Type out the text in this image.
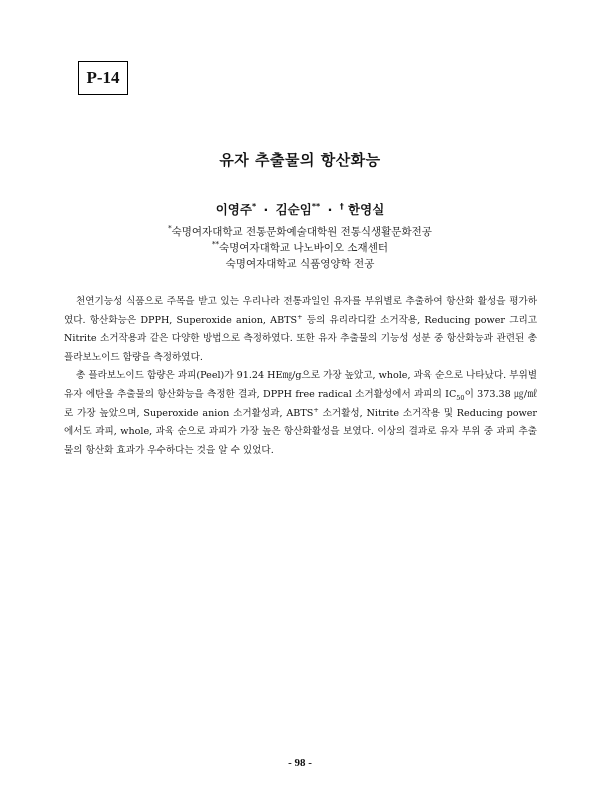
P-14
유자 추출물의 항산화능
이영주* · 김순임** · † 한영실
*숙명여자대학교 전통문화예술대학원 전통식생활문화전공
**숙명여자대학교 나노바이오 소재센터
숙명여자대학교 식품영양학 전공

천연기능성 식품으로 주목을 받고 있는 우리나라 전통과일인 유자를 부위별로 추출하여 항산화 활성을 평가하였다. 항산화능은 DPPH, Superoxide anion, ABTS+ 등의 유리라디칼 소거작용, Reducing power 그리고 Nitrite 소거작용과 같은 다양한 방법으로 측정하였다. 또한 유자 추출물의 기능성 성분 중 항산화능과 관련된 총 플라보노이드 함량을 측정하였다.

총 플라보노이드 함량은 과피(Peel)가 91.24 HE㎎/g으로 가장 높았고, whole, 과육 순으로 나타났다. 부위별 유자 에탄올 추출물의 항산화능을 측정한 결과, DPPH free radical 소거활성에서 과피의 $IC_{50}$이 373.38 ㎍/㎖로 가장 높았으며, Superoxide anion 소거활성과, ABTS+ 소거활성, Nitrite 소거작용 및 Reducing power에서도 과피, whole, 과육 순으로 과피가 가장 높은 항산화활성을 보였다. 이상의 결과로 유자 부위 중 과피 추출물의 항산화 효과가 우수하다는 것을 알 수 있었다.

- 98 -
